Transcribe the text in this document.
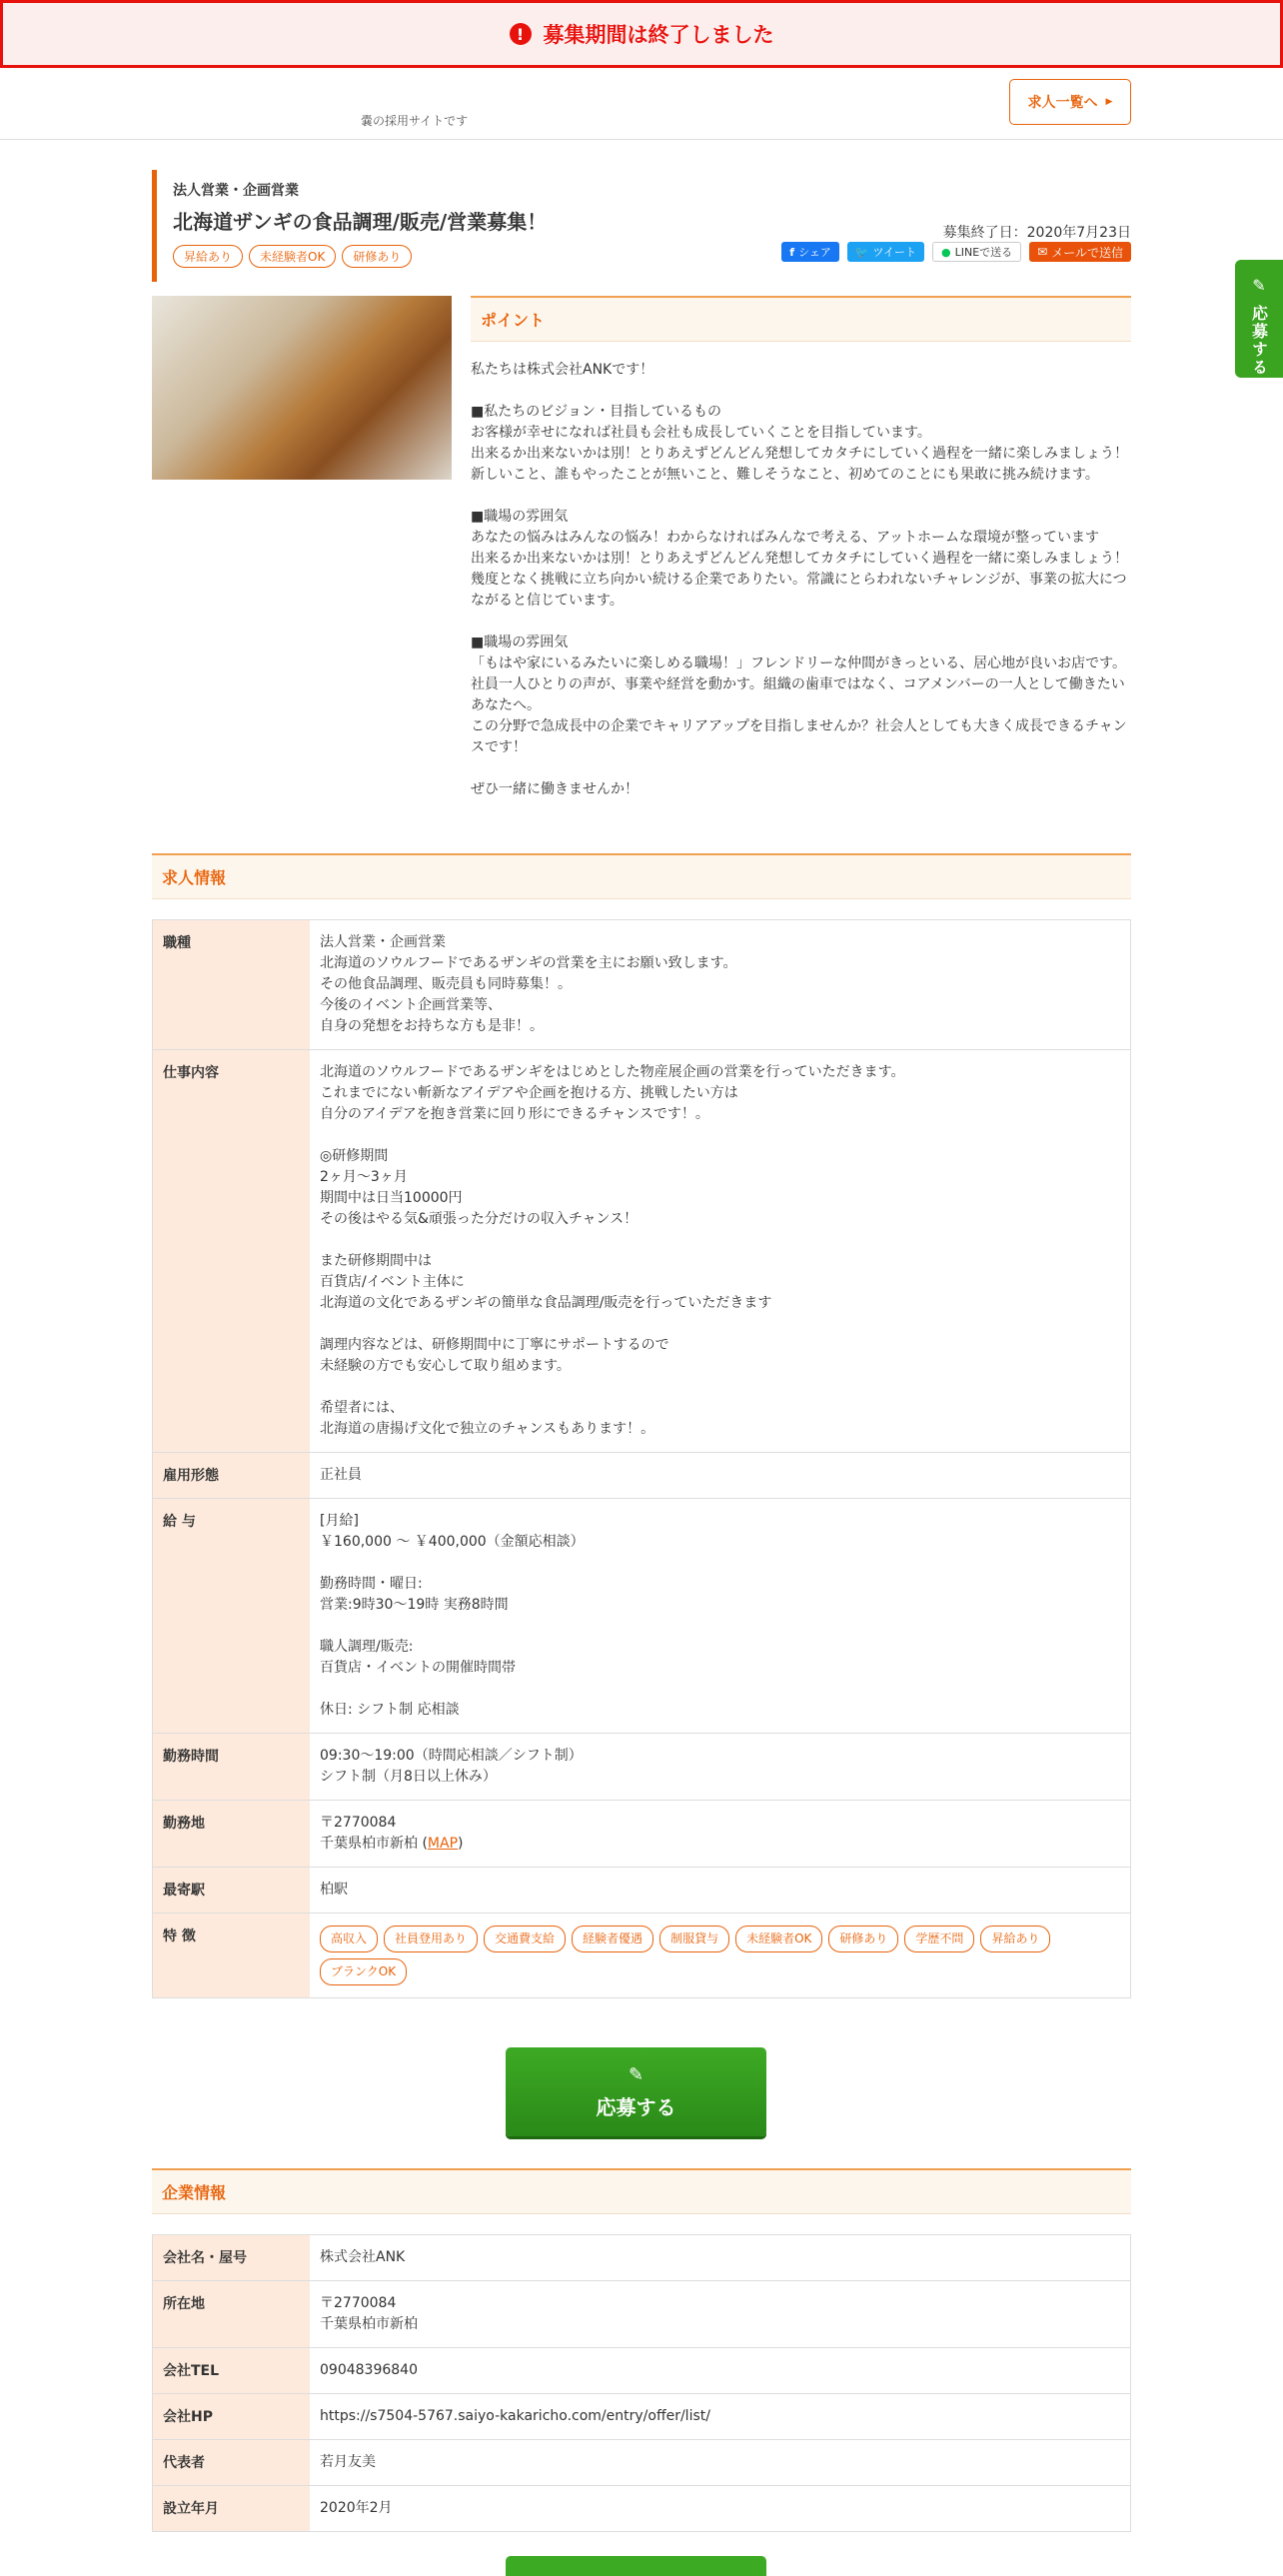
! 募集期間は終了しました
嚢の採用サイトです
求人一覧へ ▶
✎
応募する
法人営業・企画営業
北海道ザンギの食品調理/販売/営業募集！
昇給あり	未経験者OK	研修あり
募集終了日：2020年7月23日
f シェア 🐦 ツイート ● LINEで送る ✉ メールで送信
ポイント
私たちは株式会社ANKです！

■私たちのビジョン・目指しているもの
お客様が幸せになれば社員も会社も成長していくことを目指しています。
出来るか出来ないかは別！とりあえずどんどん発想してカタチにしていく過程を一緒に楽しみましょう！
新しいこと、誰もやったことが無いこと、難しそうなこと、初めてのことにも果敢に挑み続けます。

■職場の雰囲気
あなたの悩みはみんなの悩み！わからなければみんなで考える、アットホームな環境が整っています
出来るか出来ないかは別！とりあえずどんどん発想してカタチにしていく過程を一緒に楽しみましょう！
幾度となく挑戦に立ち向かい続ける企業でありたい。常識にとらわれないチャレンジが、事業の拡大につながると信じています。

■職場の雰囲気
「もはや家にいるみたいに楽しめる職場！」フレンドリーな仲間がきっといる、居心地が良いお店です。
社員一人ひとりの声が、事業や経営を動かす。組織の歯車ではなく、コアメンバーの一人として働きたいあなたへ。
この分野で急成長中の企業でキャリアアップを目指しませんか？社会人としても大きく成長できるチャンスです！

ぜひ一緒に働きませんか！
求人情報
職種	法人営業・企画営業
北海道のソウルフードであるザンギの営業を主にお願い致します。
その他食品調理、販売員も同時募集！。
今後のイベント企画営業等、
自身の発想をお持ちな方も是非！。

仕事内容	北海道のソウルフードであるザンギをはじめとした物産展企画の営業を行っていただきます。
これまでにない斬新なアイデアや企画を抱ける方、挑戦したい方は
自分のアイデアを抱き営業に回り形にできるチャンスです！。

◎研修期間
2ヶ月〜3ヶ月
期間中は日当10000円
その後はやる気&頑張った分だけの収入チャンス！

また研修期間中は
百貨店/イベント主体に
北海道の文化であるザンギの簡単な食品調理/販売を行っていただきます

調理内容などは、研修期間中に丁寧にサポートするので
未経験の方でも安心して取り組めます。

希望者には、
北海道の唐揚げ文化で独立のチャンスもあります！。
雇用形態	正社員
給 与	[月給]
￥160,000 ～ ￥400,000（金額応相談）

勤務時間・曜日:
営業:9時30～19時 実務8時間

職人調理/販売:
百貨店・イベントの開催時間帯

休日: シフト制 応相談
勤務時間	09:30～19:00（時間応相談／シフト制）
シフト制（月8日以上休み）
勤務地	〒2770084
千葉県柏市新柏 (MAP)
最寄駅	柏駅
特 徴	高収入	社員登用あり	交通費支給	経験者優遇	制服貸与	未経験者OK	研修あり	学歴不問	昇給あり
ブランクOK
✎
応募する
企業情報
会社名・屋号	株式会社ANK
所在地	〒2770084
千葉県柏市新柏
会社TEL	09048396840
会社HP	https://s7504-5767.saiyo-kakaricho.com/entry/offer/list/
代表者	若月友美
設立年月	2020年2月
